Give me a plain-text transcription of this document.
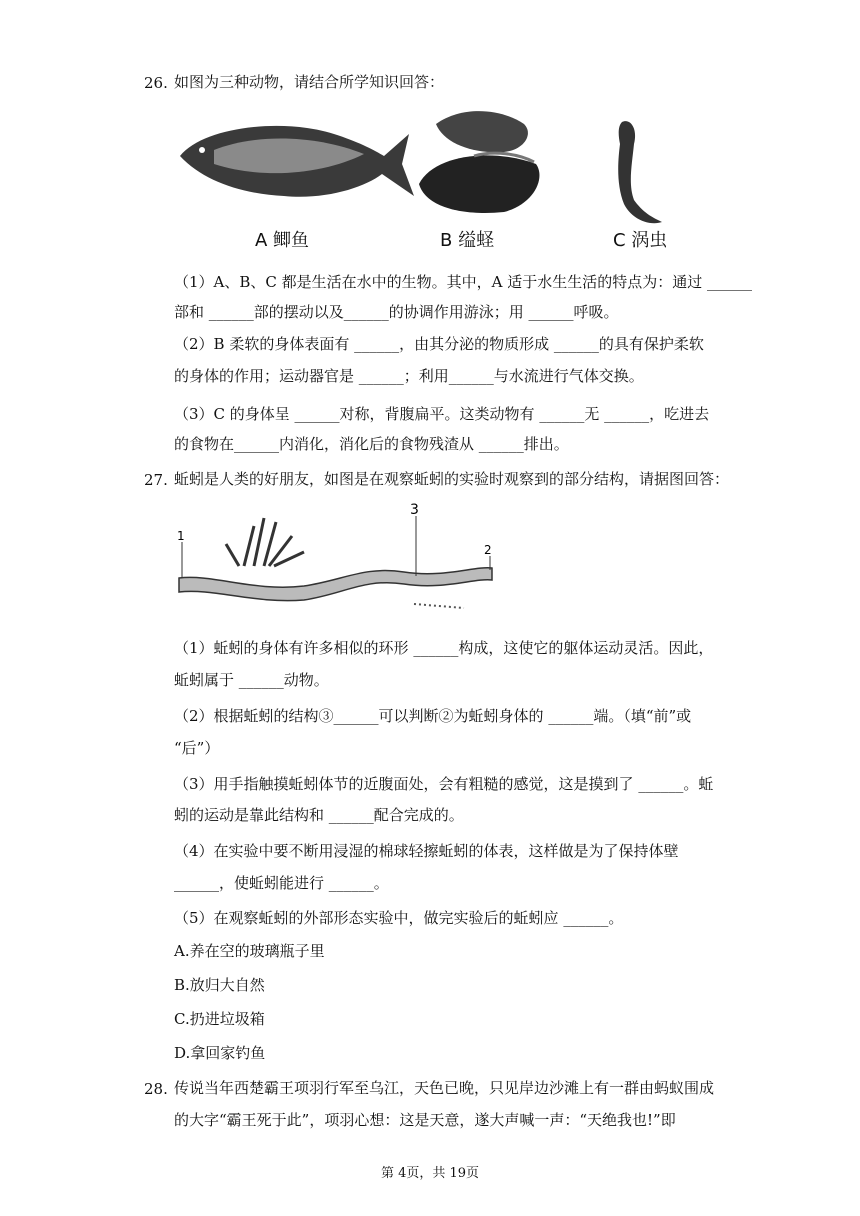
26. 如图为三种动物，请结合所学知识回答：
A 鲫鱼	B 缢蛏	C 涡虫
（1）A、B、C 都是生活在水中的生物。其中，A 适于水生生活的特点为：通过 ______
部和 ______部的摆动以及______的协调作用游泳；用 ______呼吸。
（2）B 柔软的身体表面有 ______，由其分泌的物质形成 ______的具有保护柔软
的身体的作用；运动器官是 ______；利用______与水流进行气体交换。
（3）C 的身体呈 ______对称，背腹扁平。这类动物有 ______无 ______，吃进去
的食物在______内消化，消化后的食物残渣从 ______排出。
27. 蚯蚓是人类的好朋友，如图是在观察蚯蚓的实验时观察到的部分结构，请据图回答：
1
3
2
（1）蚯蚓的身体有许多相似的环形 ______构成，这使它的躯体运动灵活。因此，
蚯蚓属于 ______动物。
（2）根据蚯蚓的结构③______可以判断②为蚯蚓身体的 ______端。（填“前”或
“后”）
（3）用手指触摸蚯蚓体节的近腹面处，会有粗糙的感觉，这是摸到了 ______。蚯
蚓的运动是靠此结构和 ______配合完成的。
（4）在实验中要不断用浸湿的棉球轻擦蚯蚓的体表，这样做是为了保持体壁
______，使蚯蚓能进行 ______。
（5）在观察蚯蚓的外部形态实验中，做完实验后的蚯蚓应 ______。
A.养在空的玻璃瓶子里
B.放归大自然
C.扔进垃圾箱
D.拿回家钓鱼
28. 传说当年西楚霸王项羽行军至乌江，天色已晚，只见岸边沙滩上有一群由蚂蚁围成
的大字“霸王死于此”，项羽心想：这是天意，遂大声喊一声：“天绝我也!”即
第 4页，共 19页
